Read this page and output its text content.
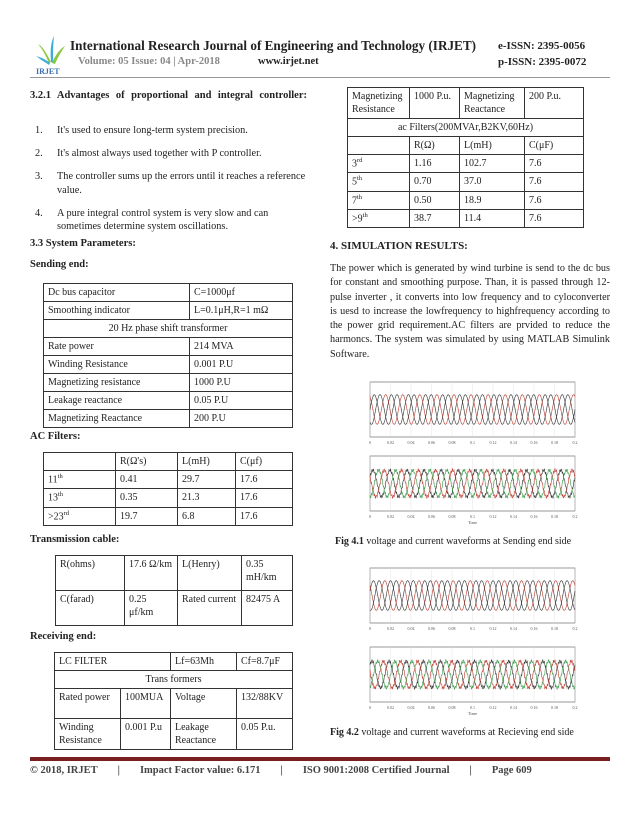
IRJET
International Research Journal of Engineering and Technology (IRJET) e-ISSN: 2395-0056
Volume: 05 Issue: 04 | Apr-2018	www.irjet.net	p-ISSN: 2395-0072
3.2.1 Advantages of proportional and integral controller:
1.	It's used to ensure long-term system precision.
2.	It's almost always used together with P controller.
3.	The controller sums up the errors until it reaches a reference value.
4.	A pure integral control system is very slow and can sometimes determine system oscillations.
3.3 System Parameters:
Sending end:
Dc bus capacitor	C=1000μf
Smoothing indicator	L=0.1μH,R=1 mΩ
20 Hz phase shift transformer	
Rate power	214 MVA
Winding Resistance	0.001 P.U
Magnetizing resistance	1000 P.U
Leakage reactance	0.05 P.U
Magnetizing Reactance	200 P.U
AC Filters:
	R(Ω's)	L(mH)	C(μf)
11th	0.41	29.7	17.6
13th	0.35	21.3	17.6
>23rd	19.7	6.8	17.6
Transmission cable:
R(ohms)	17.6 Ω/km	L(Henry)	0.35 mH/km
C(farad)	0.25 μf/km	Rated current	82475 A
Receiving end:
LC FILTER		Lf=63Mh	Cf=8.7μF
Trans formers			
Rated power	100MUA	Voltage	132/88KV
Winding Resistance	0.001 P.u	Leakage Reactance	0.05 P.u.
Magnetizing Resistance	1000 P.u.	Magnetizing Reactance	200 P.u.
ac Filters(200MVAr,B2KV,60Hz)			
	R(Ω)	L(mH)	C(μF)
3rd	1.16	102.7	7.6
5th	0.70	37.0	7.6
7th	0.50	18.9	7.6
>9th	38.7	11.4	7.6
4. SIMULATION RESULTS:

The power which is generated by wind turbine is send to the dc bus for constant and smoothing purpose. Than, it is passed through 12-pulse inverter , it converts into low frequency and to cyloconverter is uesd to increase the lowfrequency to highfrequency according to the power grid requirement.AC filters are prvided to reduce the harmoncs. The system was simulated by using MATLAB Simulink Software.

0	0.02	0.04	0.06	0.08	0.1	0.12	0.14	0.16	0.18	0.2
0	0.02	0.04	0.06	0.08	0.1	0.12	0.14	0.16	0.18	0.2
Time
Fig 4.1 voltage and current waveforms at Sending end side
0	0.02	0.04	0.06	0.08	0.1	0.12	0.14	0.16	0.18	0.2
0	0.02	0.04	0.06	0.08	0.1	0.12	0.14	0.16	0.18	0.2
Time
Fig 4.2 voltage and current waveforms at Recieving end side
© 2018, IRJET | Impact Factor value: 6.171 | ISO 9001:2008 Certified Journal | Page 609
